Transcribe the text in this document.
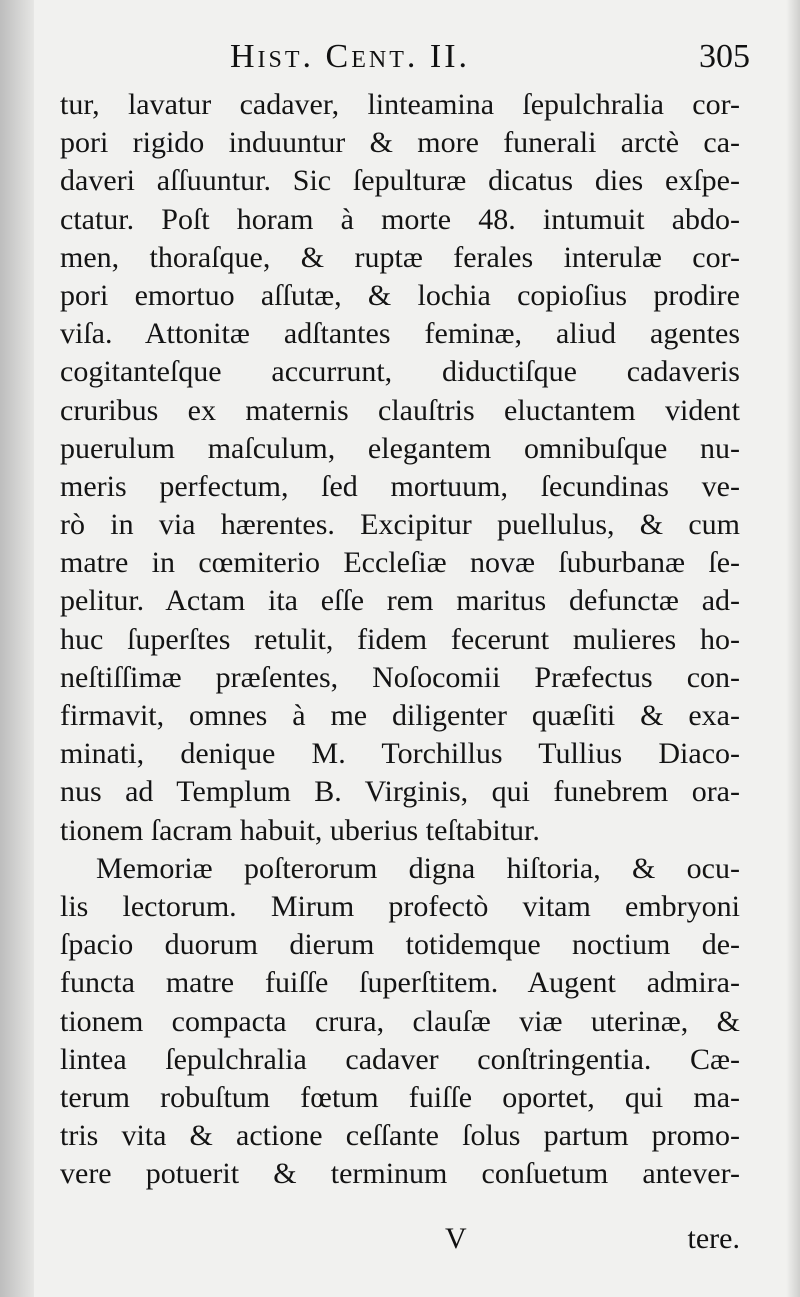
Hist. Cent. II.	305
tur, lavatur cadaver, linteamina ſepulchralia cor-
pori rigido induuntur & more funerali arctè ca-
daveri aſſuuntur. Sic ſepulturæ dicatus dies exſpe-
ctatur. Poſt horam à morte 48. intumuit abdo-
men, thoraſque, & ruptæ ferales interulæ cor-
pori emortuo aſſutæ, & lochia copioſius prodire
viſa. Attonitæ adſtantes feminæ, aliud agentes
cogitanteſque accurrunt, diductiſque cadaveris
cruribus ex maternis clauſtris eluctantem vident
puerulum maſculum, elegantem omnibuſque nu-
meris perfectum, ſed mortuum, ſecundinas ve-
rò in via hærentes. Excipitur puellulus, & cum
matre in cœmiterio Eccleſiæ novæ ſuburbanæ ſe-
pelitur. Actam ita eſſe rem maritus defunctæ ad-
huc ſuperſtes retulit, fidem fecerunt mulieres ho-
neſtiſſimæ præſentes, Noſocomii Præfectus con-
firmavit, omnes à me diligenter quæſiti & exa-
minati, denique M. Torchillus Tullius Diaco-
nus ad Templum B. Virginis, qui funebrem ora-
tionem ſacram habuit, uberius teſtabitur.
Memoriæ poſterorum digna hiſtoria, & ocu-
lis lectorum. Mirum profectò vitam embryoni
ſpacio duorum dierum totidemque noctium de-
functa matre fuiſſe ſuperſtitem. Augent admira-
tionem compacta crura, clauſæ viæ uterinæ, &
lintea ſepulchralia cadaver conſtringentia. Cæ-
terum robuſtum fœtum fuiſſe oportet, qui ma-
tris vita & actione ceſſante ſolus partum promo-
vere potuerit & terminum conſuetum antever-
V	tere.
